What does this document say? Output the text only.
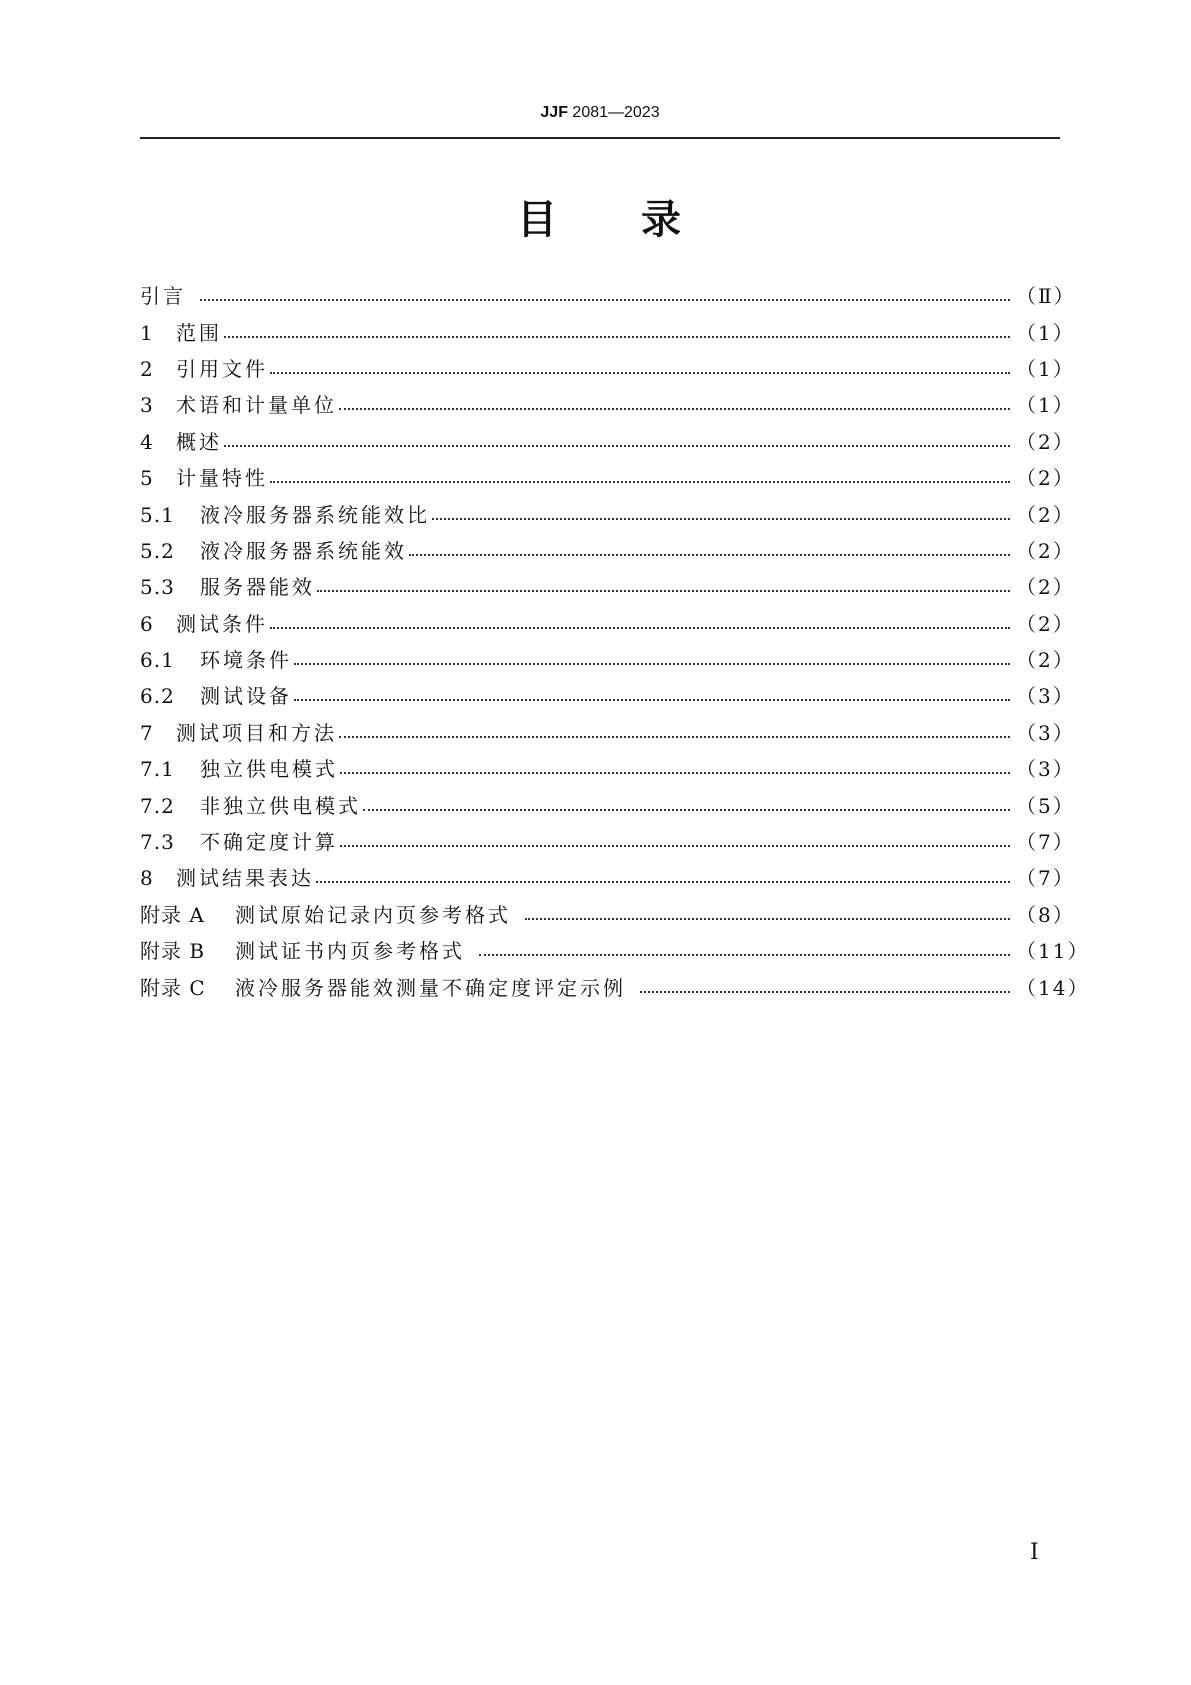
JJF 2081—2023
目 录
引言	（Ⅱ）
1	范围	（1）
2	引用文件	（1）
3	术语和计量单位	（1）
4	概述	（2）
5	计量特性	（2）
5.1	液冷服务器系统能效比	（2）
5.2	液冷服务器系统能效	（2）
5.3	服务器能效	（2）
6	测试条件	（2）
6.1	环境条件	（2）
6.2	测试设备	（3）
7	测试项目和方法	（3）
7.1	独立供电模式	（3）
7.2	非独立供电模式	（5）
7.3	不确定度计算	（7）
8	测试结果表达	（7）
附录 A	测试原始记录内页参考格式	（8）
附录 B	测试证书内页参考格式	（11）
附录 C	液冷服务器能效测量不确定度评定示例	（14）
Ⅰ
